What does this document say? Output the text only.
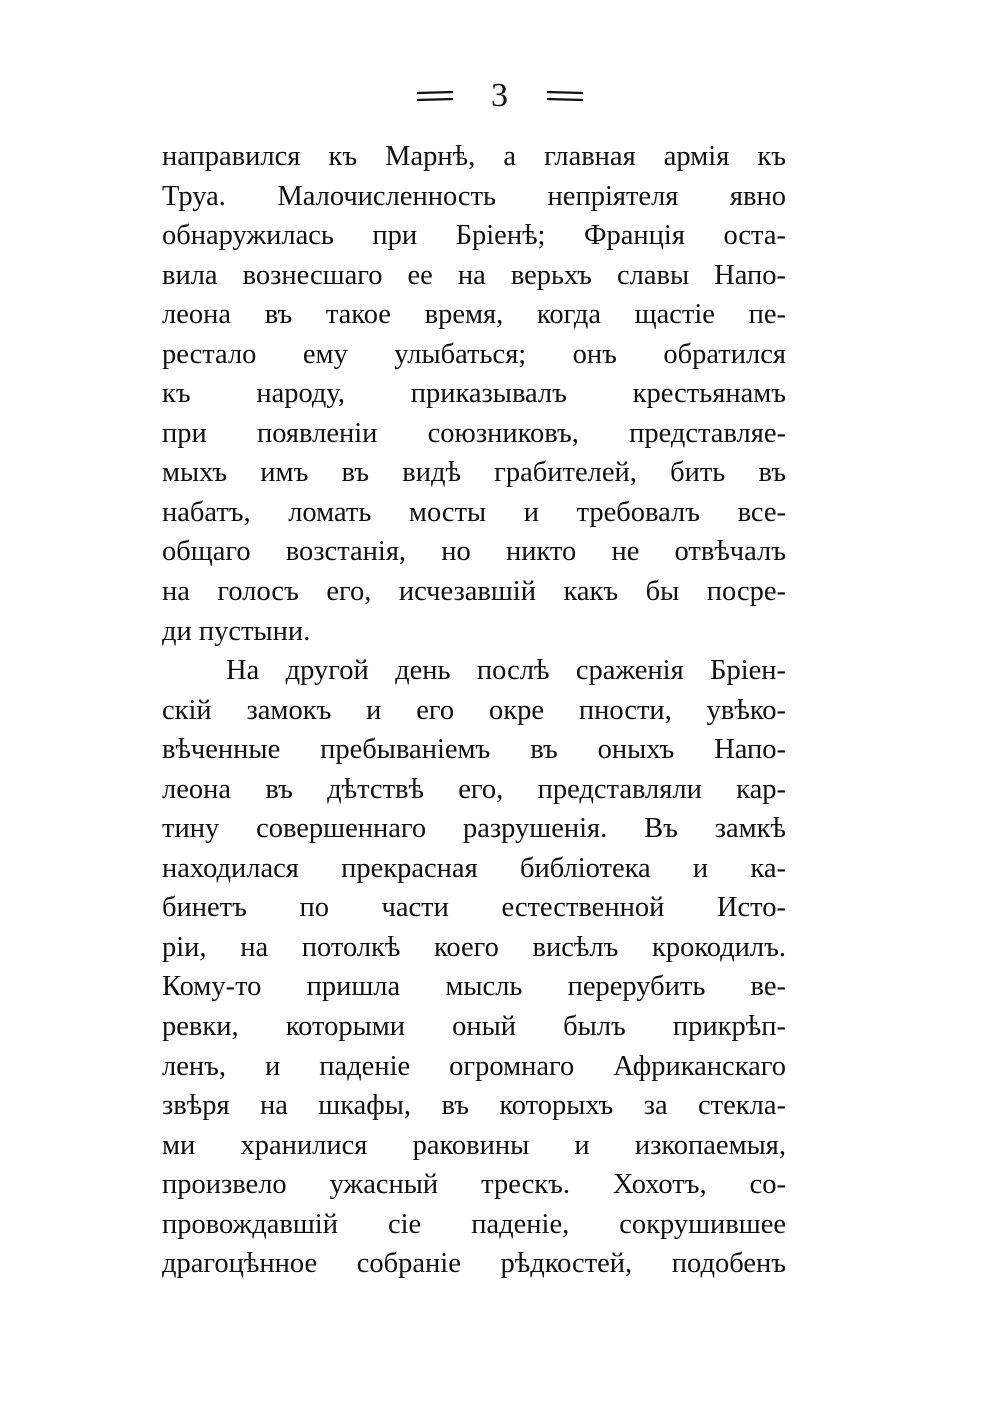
3
направился къ Марнѣ, а главная армія къ
Труа. Малочисленность непріятеля явно
обнаружилась при Бріенѣ; Франція оста-
вила вознесшаго ее на верьхъ славы Напо-
леона въ такое время, когда щастіе пе-
рестало ему улыбаться; онъ обратился
къ народу, приказывалъ крестьянамъ
при появленіи союзниковъ, представляе-
мыхъ имъ въ видѣ грабителей, бить въ
набатъ, ломать мосты и требовалъ все-
общаго возстанія, но никто не отвѣчалъ
на голосъ его, исчезавшій какъ бы посре-
ди пустыни.
На другой день послѣ сраженія Бріен-
скій замокъ и его окре пности, увѣко-
вѣченные пребываніемъ въ оныхъ Напо-
леона въ дѣтствѣ его, представляли кар-
тину совершеннаго разрушенія. Въ замкѣ
находилася прекрасная библіотека и ка-
бинетъ по части естественной Исто-
ріи, на потолкѣ коего висѣлъ крокодилъ.
Кому-то пришла мысль перерубить ве-
ревки, которыми оный былъ прикрѣп-
ленъ, и паденіе огромнаго Африканскаго
звѣря на шкафы, въ которыхъ за стекла-
ми хранилися раковины и изкопаемыя,
произвело ужасный трескъ. Хохотъ, со-
провождавшій сіе паденіе, сокрушившее
драгоцѣнное собраніе рѣдкостей, подобенъ
